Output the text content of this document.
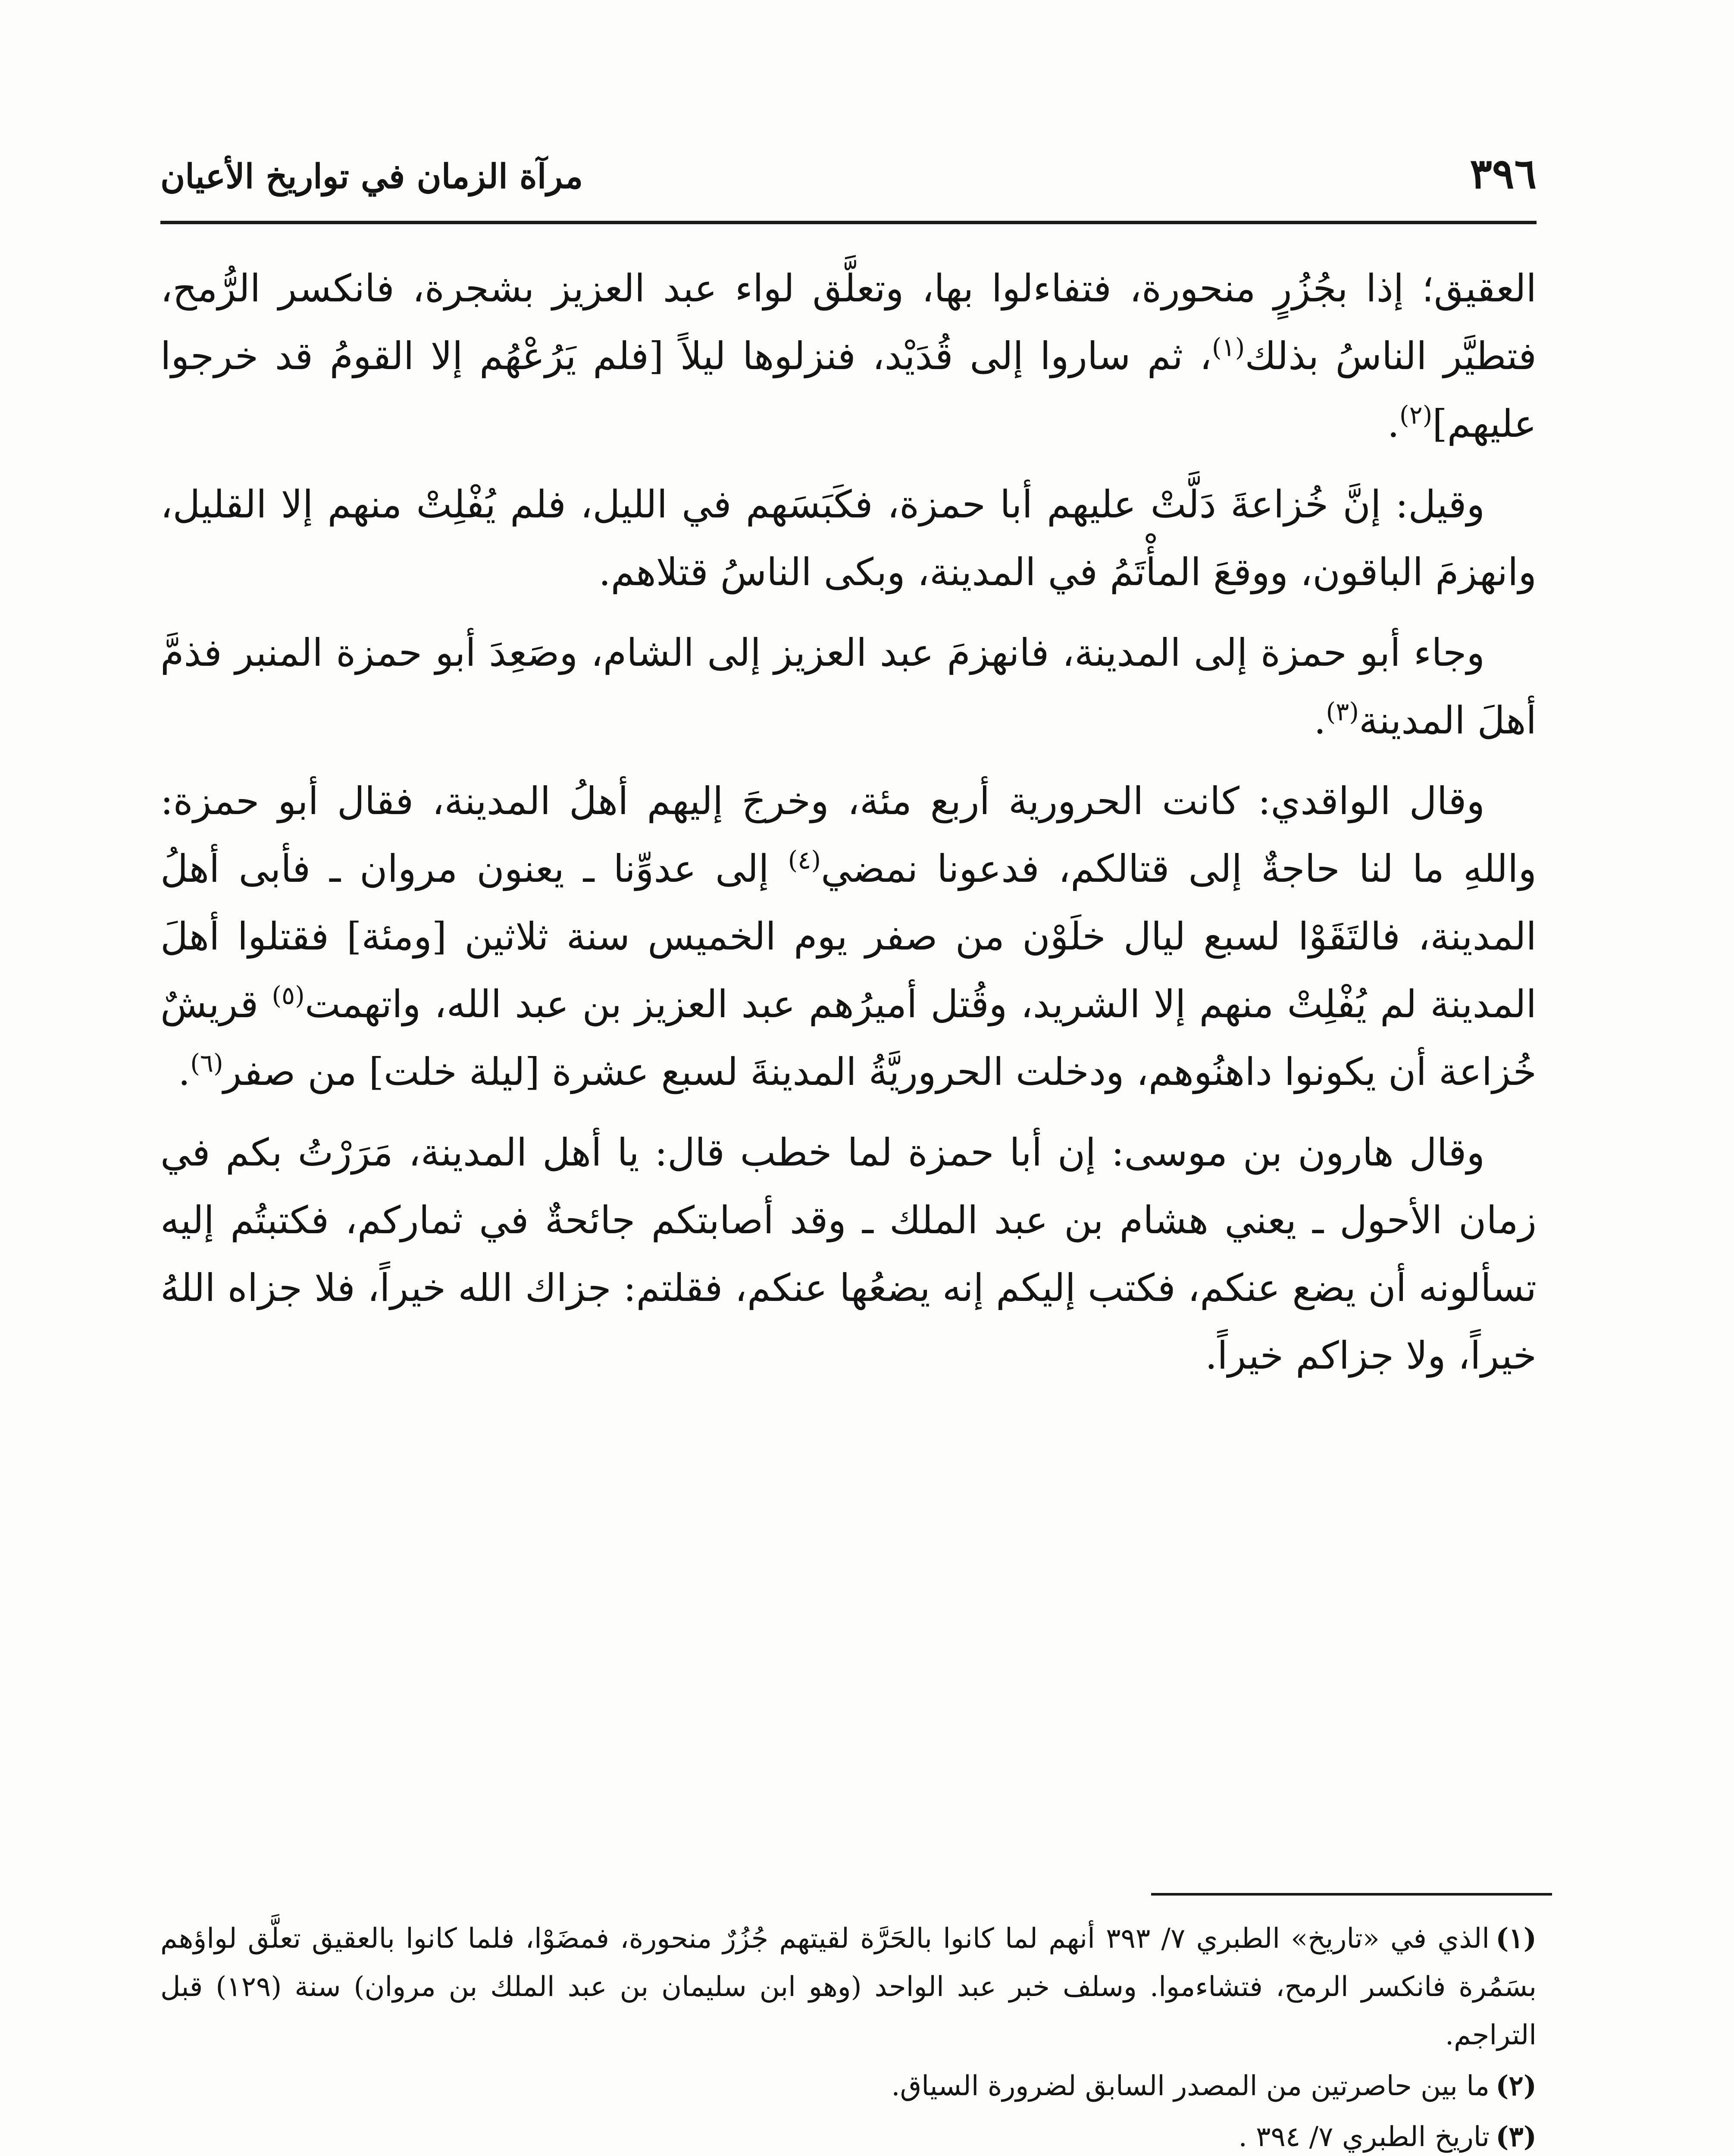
٣٩٦
مرآة الزمان في تواريخ الأعيان

العقيق؛ إذا بجُزُرٍ منحورة، فتفاءلوا بها، وتعلَّق لواء عبد العزيز بشجرة، فانكسر الرُّمح، فتطيَّر الناسُ بذلك$^{(١)}$، ثم ساروا إلى قُدَيْد، فنزلوها ليلاً [فلم يَرُعْهُم إلا القومُ قد خرجوا عليهم]$^{(٢)}$.

وقيل: إنَّ خُزاعةَ دَلَّتْ عليهم أبا حمزة، فكَبَسَهم في الليل، فلم يُفْلِتْ منهم إلا القليل، وانهزمَ الباقون، ووقعَ المأْتَمُ في المدينة، وبكى الناسُ قتلاهم.

وجاء أبو حمزة إلى المدينة، فانهزمَ عبد العزيز إلى الشام، وصَعِدَ أبو حمزة المنبر فذمَّ أهلَ المدينة$^{(٣)}$.

وقال الواقدي: كانت الحرورية أربع مئة، وخرجَ إليهم أهلُ المدينة، فقال أبو حمزة: واللهِ ما لنا حاجةٌ إلى قتالكم، فدعونا نمضي$^{(٤)}$ إلى عدوِّنا ـ يعنون مروان ـ فأبى أهلُ المدينة، فالتَقَوْا لسبع ليال خلَوْن من صفر يوم الخميس سنة ثلاثين [ومئة] فقتلوا أهلَ المدينة لم يُفْلِتْ منهم إلا الشريد، وقُتل أميرُهم عبد العزيز بن عبد الله، واتهمت$^{(٥)}$ قريشٌ خُزاعة أن يكونوا داهنُوهم، ودخلت الحروريَّةُ المدينةَ لسبع عشرة [ليلة خلت] من صفر$^{(٦)}$.

وقال هارون بن موسى: إن أبا حمزة لما خطب قال: يا أهل المدينة، مَرَرْتُ بكم في زمان الأحول ـ يعني هشام بن عبد الملك ـ وقد أصابتكم جائحةٌ في ثماركم، فكتبتُم إليه تسألونه أن يضع عنكم، فكتب إليكم إنه يضعُها عنكم، فقلتم: جزاك الله خيراً، فلا جزاه اللهُ خيراً، ولا جزاكم خيراً.

(١)الذي في «تاريخ» الطبري ٧/ ٣٩٣ أنهم لما كانوا بالحَرَّة لقيتهم جُزُرٌ منحورة، فمضَوْا، فلما كانوا بالعقيق تعلَّق لواؤهم بسَمُرة فانكسر الرمح، فتشاءموا. وسلف خبر عبد الواحد (وهو ابن سليمان بن عبد الملك بن مروان) سنة (١٢٩) قبل التراجم.

(٢)ما بين حاصرتين من المصدر السابق لضرورة السياق.

(٣)تاريخ الطبري ٧/ ٣٩٤ .
